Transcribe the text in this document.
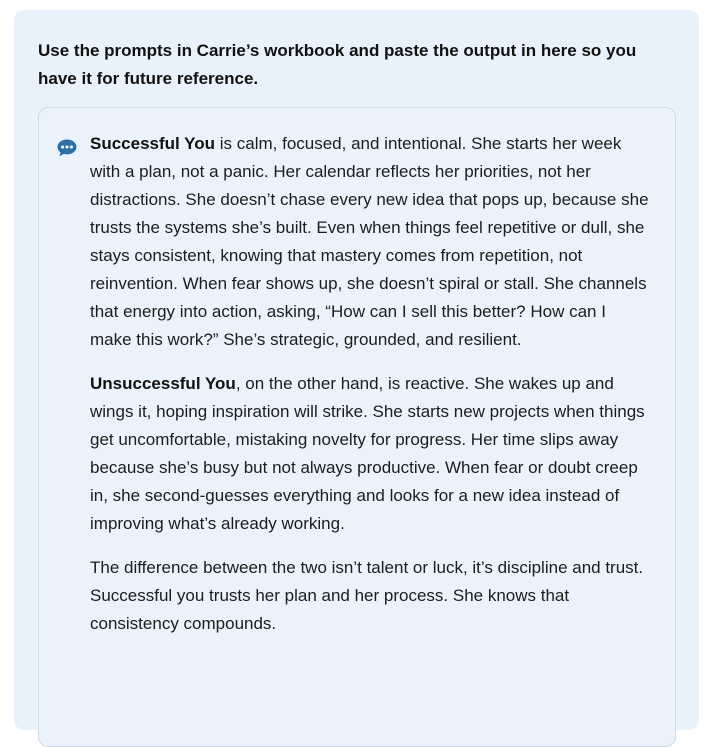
Use the prompts in Carrie’s workbook and paste the output in here so you have it for future reference.

Successful You is calm, focused, and intentional. She starts her week with a plan, not a panic. Her calendar reflects her priorities, not her distractions. She doesn’t chase every new idea that pops up, because she trusts the systems she’s built. Even when things feel repetitive or dull, she stays consistent, knowing that mastery comes from repetition, not reinvention. When fear shows up, she doesn’t spiral or stall. She channels that energy into action, asking, “How can I sell this better? How can I make this work?” She’s strategic, grounded, and resilient.

Unsuccessful You, on the other hand, is reactive. She wakes up and wings it, hoping inspiration will strike. She starts new projects when things get uncomfortable, mistaking novelty for progress. Her time slips away because she’s busy but not always productive. When fear or doubt creep in, she second-guesses everything and looks for a new idea instead of improving what’s already working.

The difference between the two isn’t talent or luck, it’s discipline and trust. Successful you trusts her plan and her process. She knows that consistency compounds.
